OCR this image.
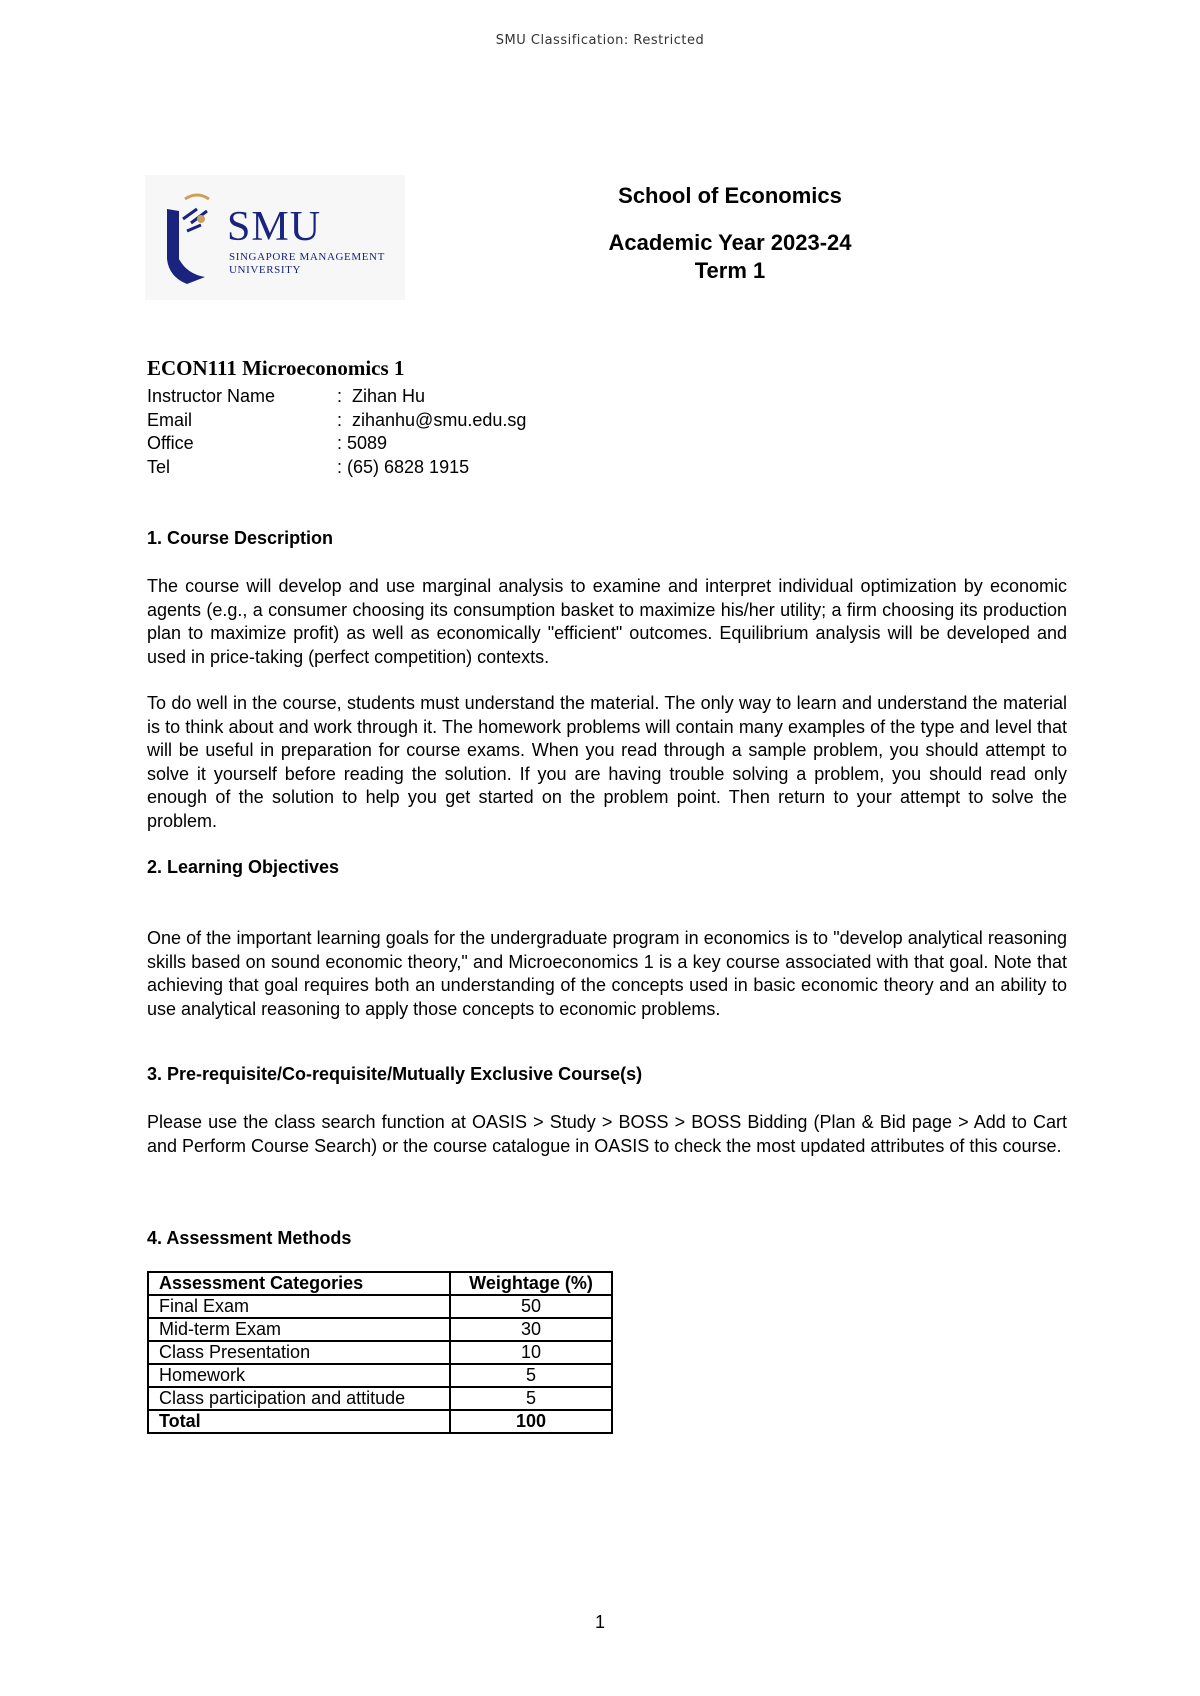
SMU Classification: Restricted
SMU
SINGAPORE MANAGEMENT
UNIVERSITY
School of Economics
Academic Year 2023-24
Term 1
ECON111 Microeconomics 1
Instructor Name	:  Zihan Hu
Email	:  zihanhu@smu.edu.sg
Office	: 5089
Tel	: (65) 6828 1915
1. Course Description

The course will develop and use marginal analysis to examine and interpret individual optimization by economic agents (e.g., a consumer choosing its consumption basket to maximize his/her utility; a firm choosing its production plan to maximize profit) as well as economically "efficient" outcomes. Equilibrium analysis will be developed and used in price-taking (perfect competition) contexts.

To do well in the course, students must understand the material. The only way to learn and understand the material is to think about and work through it. The homework problems will contain many examples of the type and level that will be useful in preparation for course exams. When you read through a sample problem, you should attempt to solve it yourself before reading the solution. If you are having trouble solving a problem, you should read only enough of the solution to help you get started on the problem point. Then return to your attempt to solve the problem.

2. Learning Objectives

One of the important learning goals for the undergraduate program in economics is to "develop analytical reasoning skills based on sound economic theory," and Microeconomics 1 is a key course associated with that goal. Note that achieving that goal requires both an understanding of the concepts used in basic economic theory and an ability to use analytical reasoning to apply those concepts to economic problems.

3. Pre-requisite/Co-requisite/Mutually Exclusive Course(s)

Please use the class search function at OASIS > Study > BOSS > BOSS Bidding (Plan & Bid page > Add to Cart and Perform Course Search) or the course catalogue in OASIS to check the most updated attributes of this course.

4. Assessment Methods
Assessment Categories	Weightage (%)
Final Exam	50
Mid-term Exam	30
Class Presentation	10
Homework	5
Class participation and attitude	5
Total	100
1
